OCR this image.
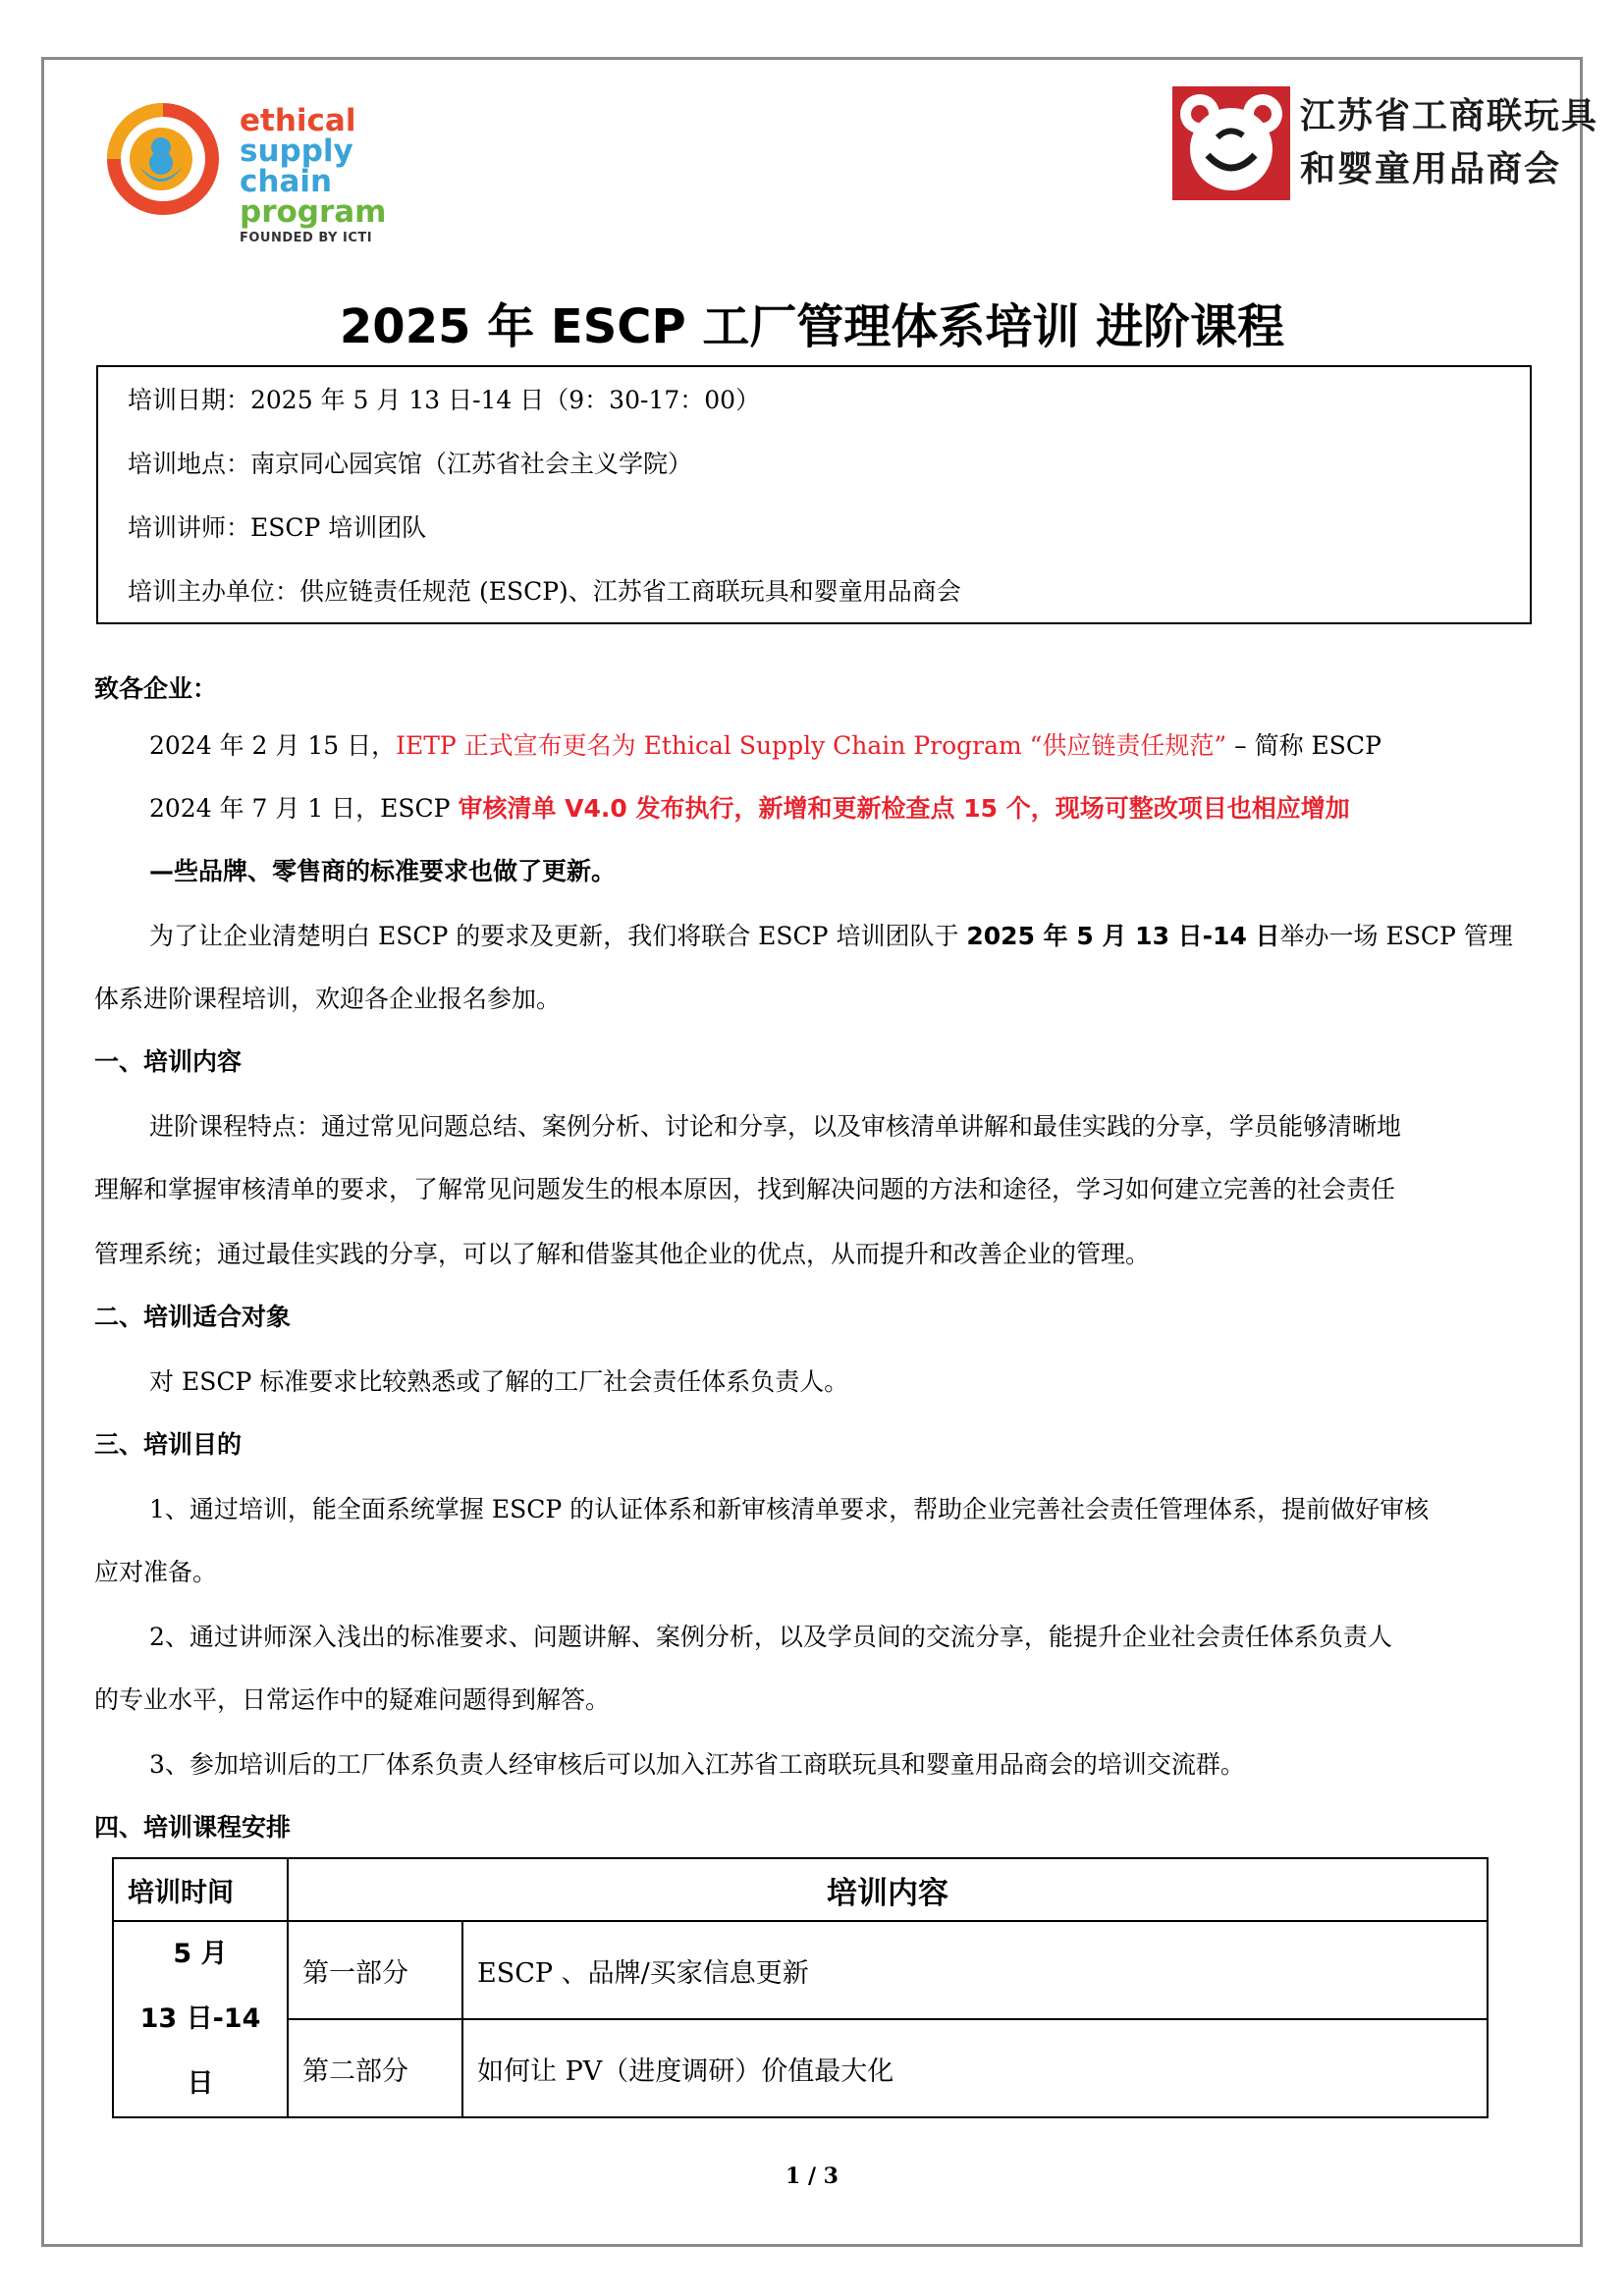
ethical
supply chain
program
FOUNDED BY ICTI
江苏省工商联玩具
和婴童用品商会
2025 年 ESCP 工厂管理体系培训 进阶课程
培训日期：2025 年 5 月 13 日-14 日（9：30-17：00）
培训地点：南京同心园宾馆（江苏省社会主义学院）
培训讲师：ESCP 培训团队
培训主办单位：供应链责任规范 (ESCP)、江苏省工商联玩具和婴童用品商会
致各企业：
2024 年 2 月 15 日，IETP 正式宣布更名为 Ethical Supply Chain Program “供应链责任规范” – 简称 ESCP
2024 年 7 月 1 日，ESCP 审核清单 V4.0 发布执行，新增和更新检查点 15 个，现场可整改项目也相应增加
—些品牌、零售商的标准要求也做了更新。
为了让企业清楚明白 ESCP 的要求及更新，我们将联合 ESCP 培训团队于 2025 年 5 月 13 日-14 日举办一场 ESCP 管理
体系进阶课程培训，欢迎各企业报名参加。
一、培训内容
进阶课程特点：通过常见问题总结、案例分析、讨论和分享，以及审核清单讲解和最佳实践的分享，学员能够清晰地
理解和掌握审核清单的要求，了解常见问题发生的根本原因，找到解决问题的方法和途径，学习如何建立完善的社会责任
管理系统；通过最佳实践的分享，可以了解和借鉴其他企业的优点，从而提升和改善企业的管理。
二、培训适合对象
对 ESCP 标准要求比较熟悉或了解的工厂社会责任体系负责人。
三、培训目的
1、通过培训，能全面系统掌握 ESCP 的认证体系和新审核清单要求，帮助企业完善社会责任管理体系，提前做好审核
应对准备。
2、通过讲师深入浅出的标准要求、问题讲解、案例分析，以及学员间的交流分享，能提升企业社会责任体系负责人
的专业水平，日常运作中的疑难问题得到解答。
3、参加培训后的工厂体系负责人经审核后可以加入江苏省工商联玩具和婴童用品商会的培训交流群。
四、培训课程安排
培训时间	培训内容	

5 月
13 日-14 日	第一部分	ESCP 、品牌/买家信息更新
	第二部分	如何让 PV（进度调研）价值最大化
1 / 3
